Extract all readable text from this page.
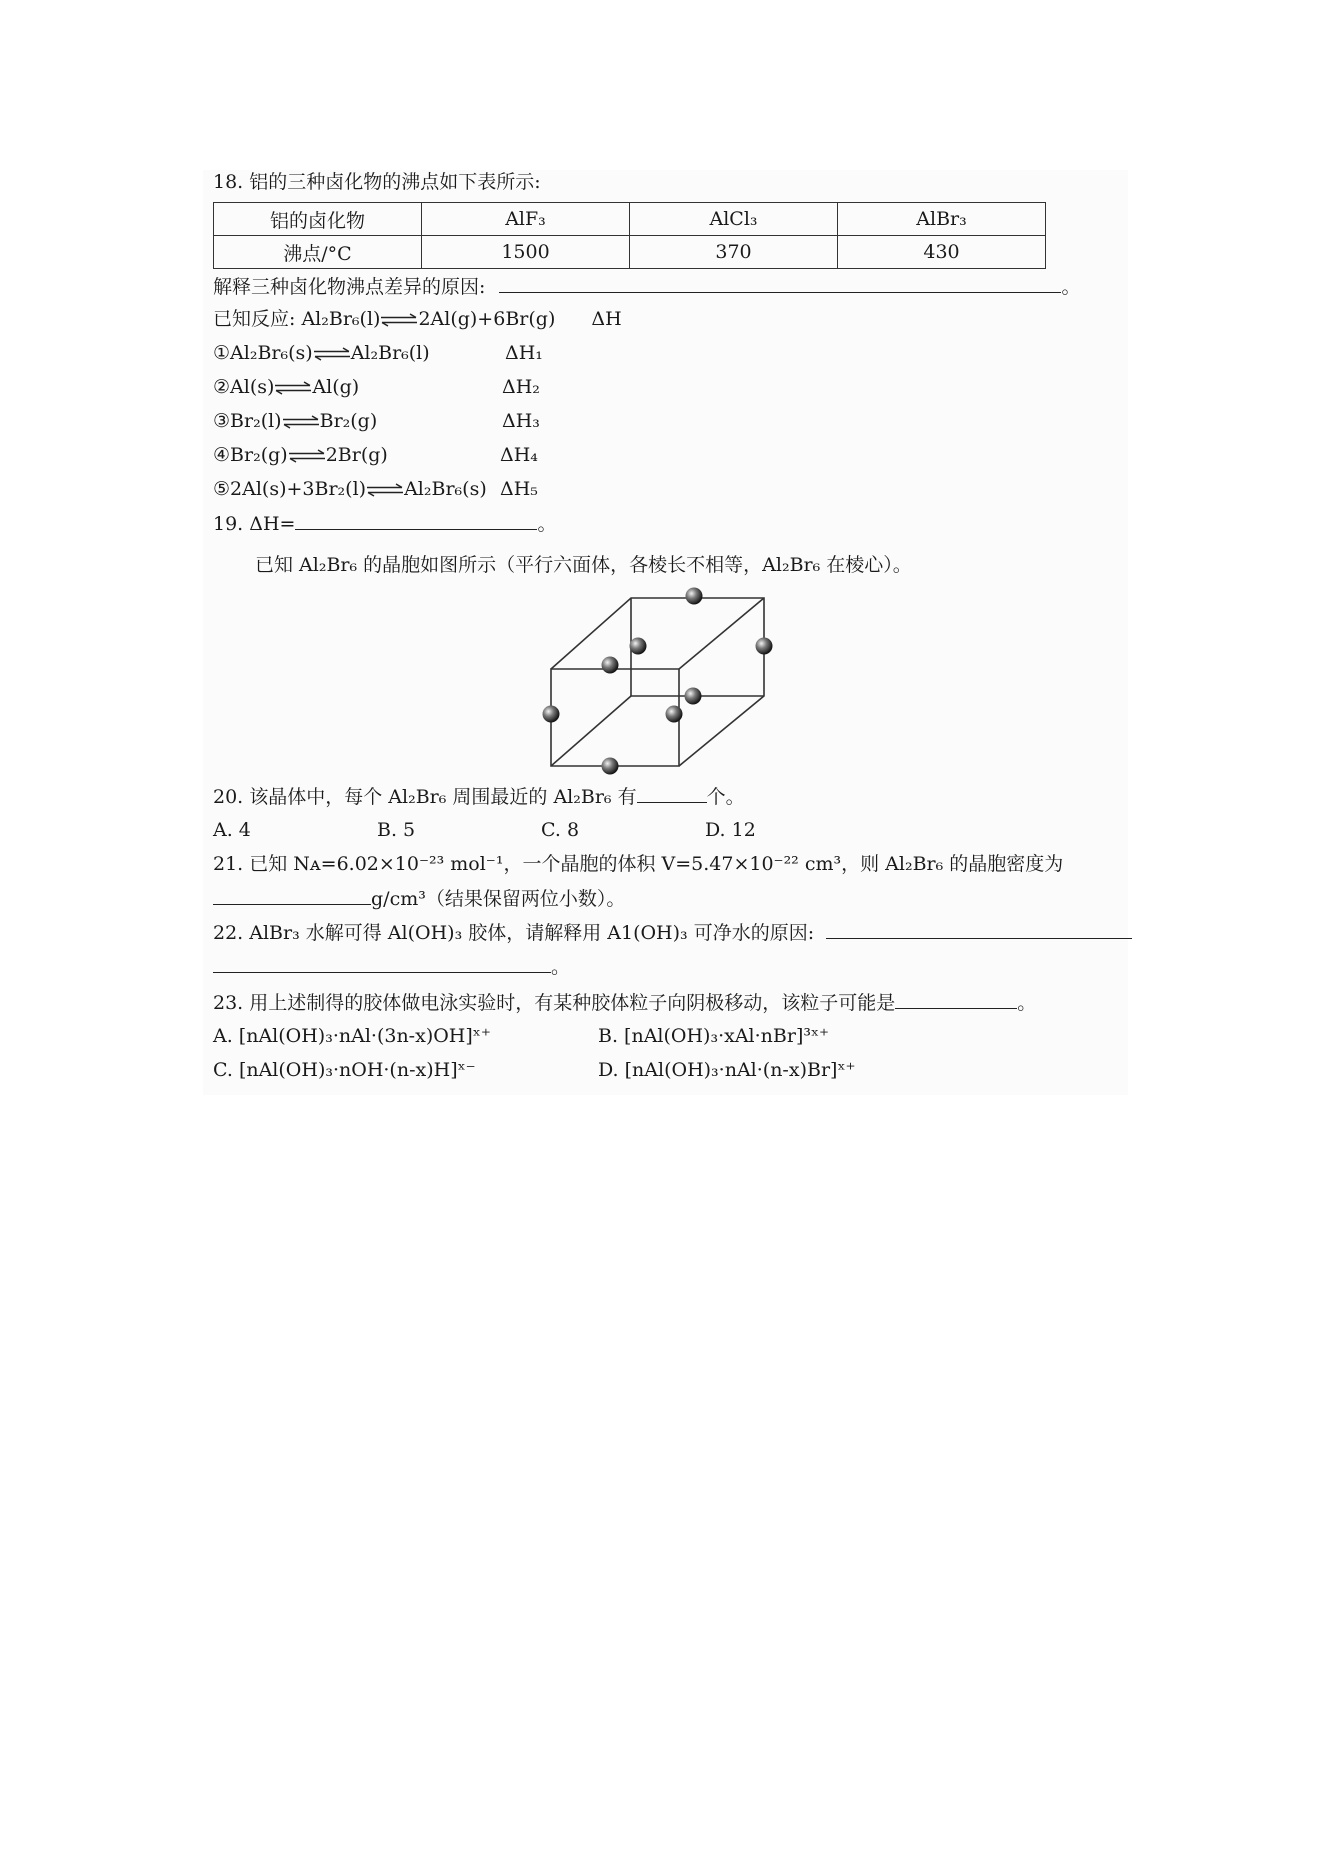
18. 铝的三种卤化物的沸点如下表所示:
铝的卤化物	AlF₃	AlCl₃	AlBr₃
沸点/°C	1500	370	430
解释三种卤化物沸点差异的原因:	。
已知反应: Al₂Br₆(l)⇌2Al(g)+6Br(g) ΔH
①Al₂Br₆(s)⇌Al₂Br₆(l)	ΔH₁
②Al(s)⇌Al(g)	ΔH₂
③Br₂(l)⇌Br₂(g)	ΔH₃
④Br₂(g)⇌2Br(g)	ΔH₄
⑤2Al(s)+3Br₂(l)⇌Al₂Br₆(s) ΔH₅
19. ΔH=	。
已知 Al₂Br₆ 的晶胞如图所示（平行六面体，各棱长不相等，Al₂Br₆ 在棱心）。
20. 该晶体中，每个 Al₂Br₆ 周围最近的 Al₂Br₆ 有	个。
A. 4	B. 5	C. 8	D. 12
21. 已知 Nᴀ=6.02×10⁻²³ mol⁻¹，一个晶胞的体积 V=5.47×10⁻²² cm³，则 Al₂Br₆ 的晶胞密度为
g/cm³（结果保留两位小数）。
22. AlBr₃ 水解可得 Al(OH)₃ 胶体，请解释用 A1(OH)₃ 可净水的原因:
。
23. 用上述制得的胶体做电泳实验时，有某种胶体粒子向阴极移动，该粒子可能是	。
A. [nAl(OH)₃·nAl·(3n-x)OH]ˣ⁺	B. [nAl(OH)₃·xAl·nBr]³ˣ⁺
C. [nAl(OH)₃·nOH·(n-x)H]ˣ⁻	D. [nAl(OH)₃·nAl·(n-x)Br]ˣ⁺
